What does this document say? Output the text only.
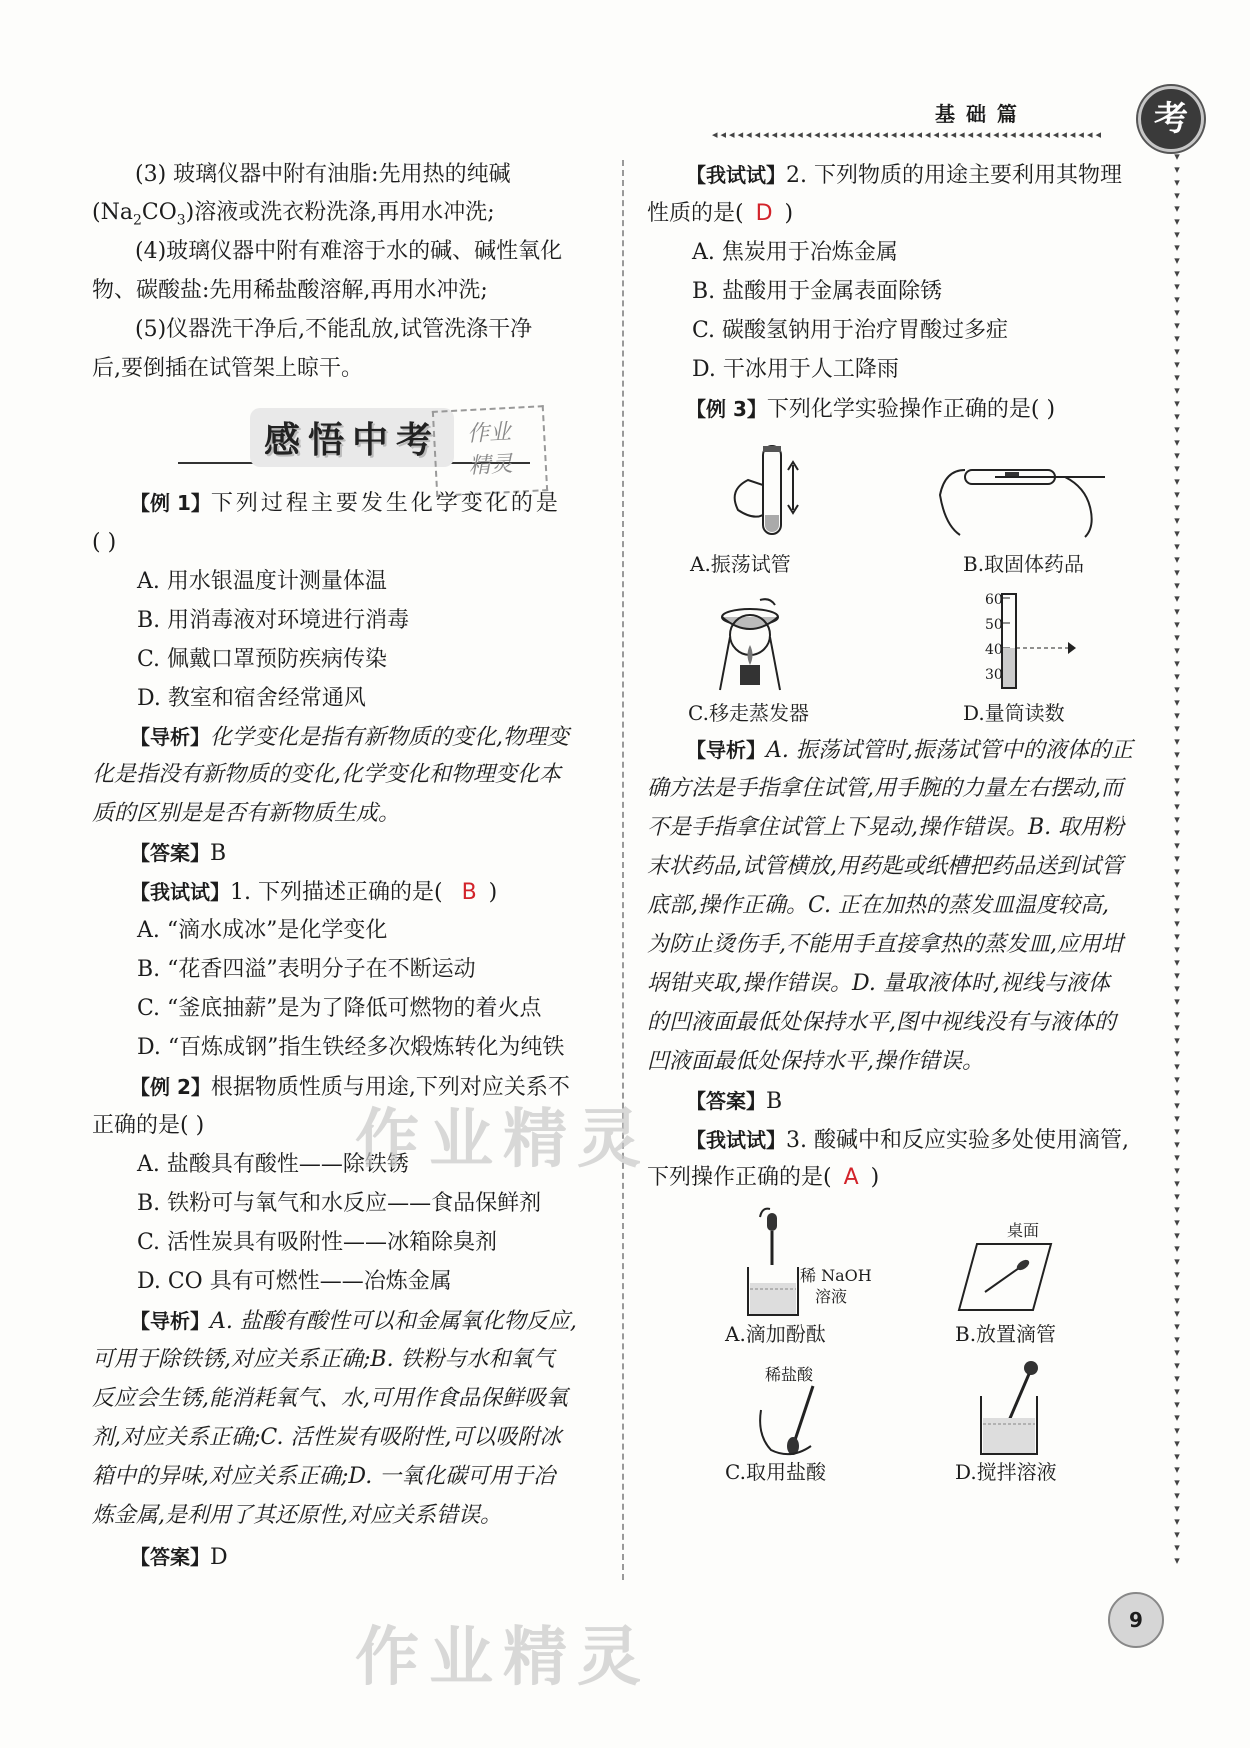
基 础 篇	考
◂◂◂◂◂◂◂◂◂◂◂◂◂◂◂◂◂◂◂◂◂◂◂◂◂◂◂◂◂◂◂◂◂◂◂◂◂◂◂◂◂◂◂◂◂◂
▾
▾
▾
▾
▾
▾
▾
▾
▾
▾
▾
▾
▾
▾
▾
▾
▾
▾
▾
▾
▾
▾
▾
▾
▾
▾
▾
▾
▾
▾
▾
▾
▾
▾
▾
▾
▾
▾
▾
▾
▾
▾
▾
▾
▾
▾
▾
▾
▾
▾
▾
▾
▾
▾
▾
▾
▾
▾
▾
▾
▾
▾
▾
▾
▾
▾
▾
▾
▾
▾
▾
▾
▾
▾
▾
▾
▾
▾
▾
▾
▾
▾
▾
▾
▾
▾
▾
▾
▾
▾
▾
▾
▾
▾
▾
▾
▾
▾
▾
▾
▾
▾
▾
▾
▾
▾
▾
▾
▾
(3) 玻璃仪器中附有油脂:先用热的纯碱
$(Na_2CO_3)$溶液或洗衣粉洗涤,再用水冲洗;
(4)玻璃仪器中附有难溶于水的碱、碱性氧化
物、碳酸盐:先用稀盐酸溶解,再用水冲洗;
(5)仪器洗干净后,不能乱放,试管洗涤干净
后,要倒插在试管架上晾干。
感悟中考	作业
精灵
【例 1】下列过程主要发生化学变化的是
( )
A. 用水银温度计测量体温
B. 用消毒液对环境进行消毒
C. 佩戴口罩预防疾病传染
D. 教室和宿舍经常通风
【导析】化学变化是指有新物质的变化,物理变
化是指没有新物质的变化,化学变化和物理变化本
质的区别是是否有新物质生成。
【答案】B
【我试试】1. 下列描述正确的是( B )
A. “滴水成冰”是化学变化
B. “花香四溢”表明分子在不断运动
C. “釜底抽薪”是为了降低可燃物的着火点
D. “百炼成钢”指生铁经多次煅炼转化为纯铁
【例 2】根据物质性质与用途,下列对应关系不
正确的是( )
A. 盐酸具有酸性——除铁锈
B. 铁粉可与氧气和水反应——食品保鲜剂
C. 活性炭具有吸附性——冰箱除臭剂
D. CO 具有可燃性——冶炼金属
【导析】A. 盐酸有酸性可以和金属氧化物反应,
可用于除铁锈,对应关系正确;B. 铁粉与水和氧气
反应会生锈,能消耗氧气、水,可用作食品保鲜吸氧
剂,对应关系正确;C. 活性炭有吸附性,可以吸附冰
箱中的异味,对应关系正确;D. 一氧化碳可用于冶
炼金属,是利用了其还原性,对应关系错误。
【答案】D
【我试试】2. 下列物质的用途主要利用其物理
性质的是( D )
A. 焦炭用于冶炼金属
B. 盐酸用于金属表面除锈
C. 碳酸氢钠用于治疗胃酸过多症
D. 干冰用于人工降雨
【例 3】下列化学实验操作正确的是( )
A.振荡试管	B.取固体药品
60
50
40
30
C.移走蒸发器	D.量筒读数
【导析】A. 振荡试管时,振荡试管中的液体的正
确方法是手指拿住试管,用手腕的力量左右摆动,而
不是手指拿住试管上下晃动,操作错误。B. 取用粉
末状药品,试管横放,用药匙或纸槽把药品送到试管
底部,操作正确。C. 正在加热的蒸发皿温度较高,
为防止烫伤手,不能用手直接拿热的蒸发皿,应用坩
埚钳夹取,操作错误。D. 量取液体时,视线与液体
的凹液面最低处保持水平,图中视线没有与液体的
凹液面最低处保持水平,操作错误。
【答案】B
【我试试】3. 酸碱中和反应实验多处使用滴管,
下列操作正确的是( A )
稀 NaOH
溶液
桌面
A.滴加酚酞	B.放置滴管
稀盐酸
C.取用盐酸	D.搅拌溶液
作业精灵
作业精灵
9
